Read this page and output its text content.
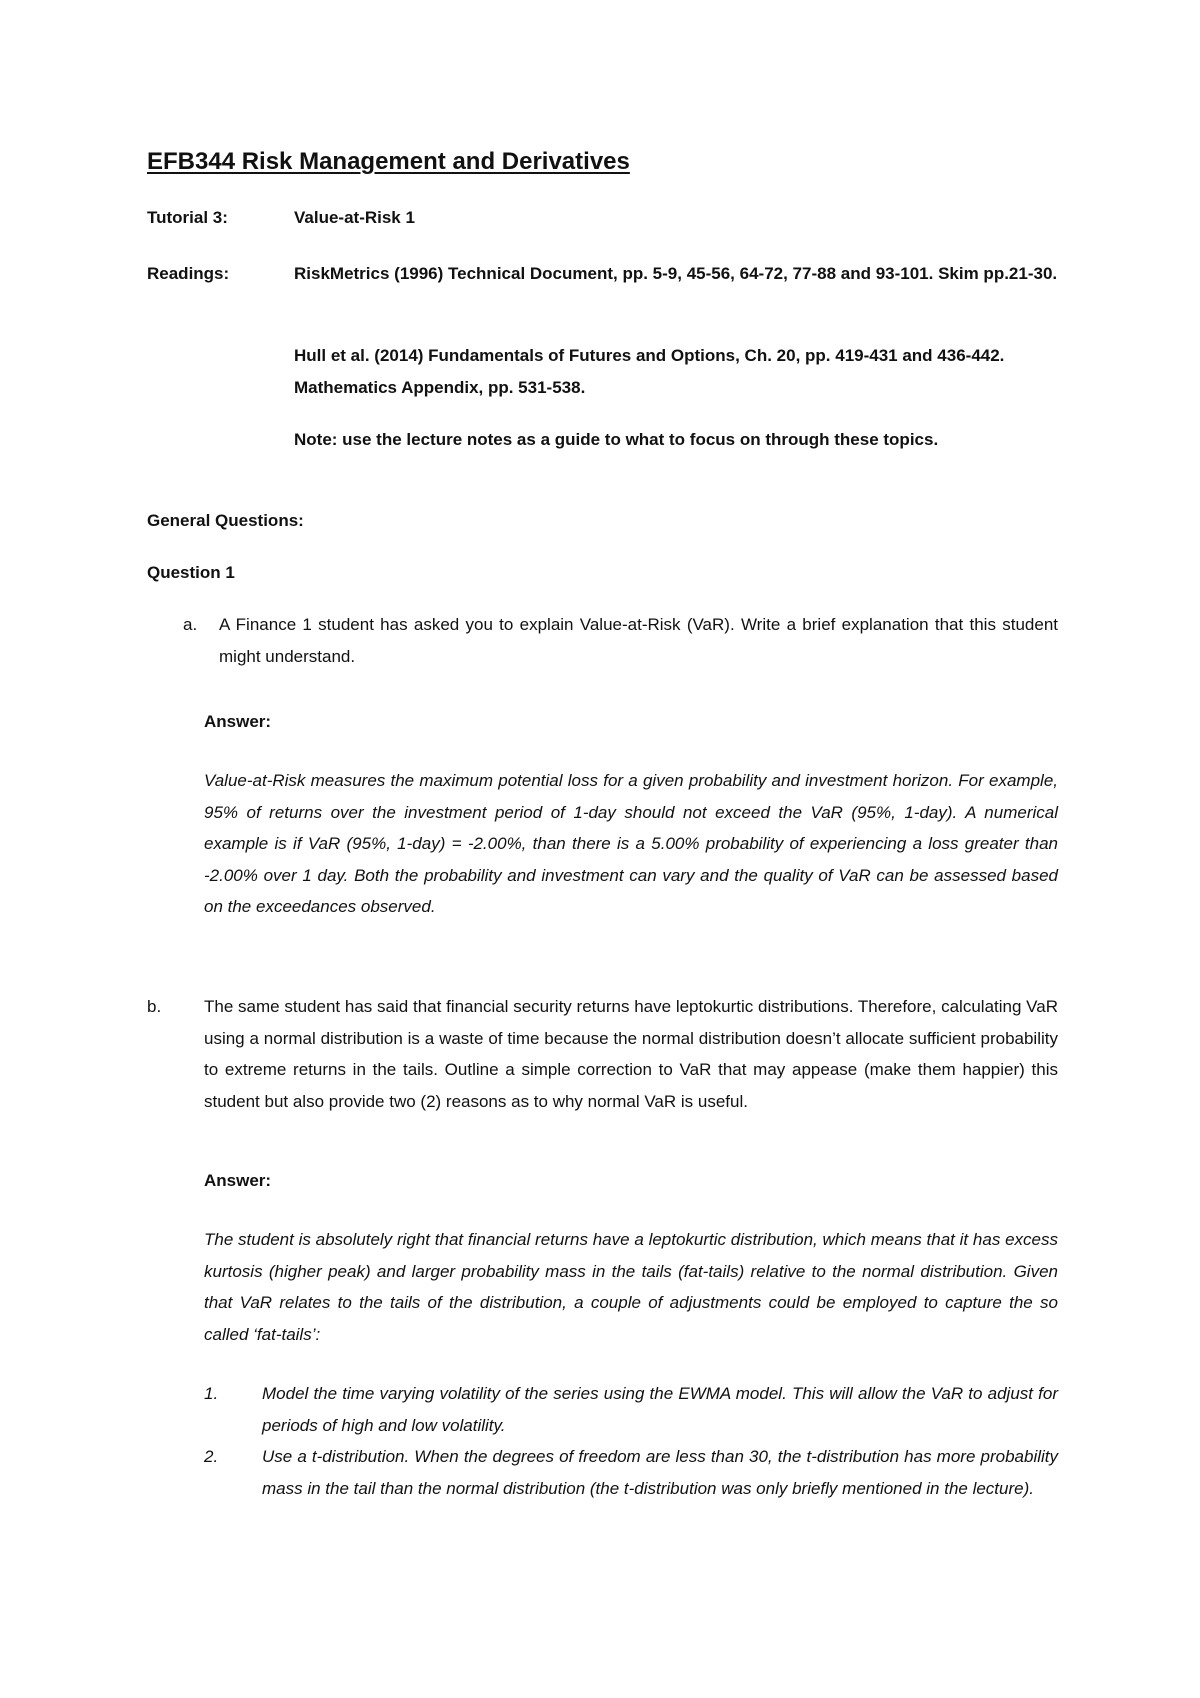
EFB344 Risk Management and Derivatives
Tutorial 3:	Value-at-Risk 1
Readings:	RiskMetrics (1996) Technical Document, pp. 5-9, 45-56, 64-72, 77-88 and 93-101. Skim pp.21-30.
Hull et al. (2014) Fundamentals of Futures and Options, Ch. 20, pp. 419-431 and 436-442. Mathematics Appendix, pp. 531-538.
Note: use the lecture notes as a guide to what to focus on through these topics.
General Questions:
Question 1
a. A Finance 1 student has asked you to explain Value-at-Risk (VaR). Write a brief explanation that this student might understand.
Answer:
Value-at-Risk measures the maximum potential loss for a given probability and investment horizon. For example, 95% of returns over the investment period of 1-day should not exceed the VaR (95%, 1-day). A numerical example is if VaR (95%, 1-day) = -2.00%, than there is a 5.00% probability of experiencing a loss greater than -2.00% over 1 day. Both the probability and investment can vary and the quality of VaR can be assessed based on the exceedances observed.
b.	The same student has said that financial security returns have leptokurtic distributions. Therefore, calculating VaR using a normal distribution is a waste of time because the normal distribution doesn’t allocate sufficient probability to extreme returns in the tails. Outline a simple correction to VaR that may appease (make them happier) this student but also provide two (2) reasons as to why normal VaR is useful.
Answer:
The student is absolutely right that financial returns have a leptokurtic distribution, which means that it has excess kurtosis (higher peak) and larger probability mass in the tails (fat-tails) relative to the normal distribution. Given that VaR relates to the tails of the distribution, a couple of adjustments could be employed to capture the so called ‘fat-tails’:
1.	Model the time varying volatility of the series using the EWMA model. This will allow the VaR to adjust for periods of high and low volatility.
2.	Use a t-distribution. When the degrees of freedom are less than 30, the t-distribution has more probability mass in the tail than the normal distribution (the t-distribution was only briefly mentioned in the lecture).
